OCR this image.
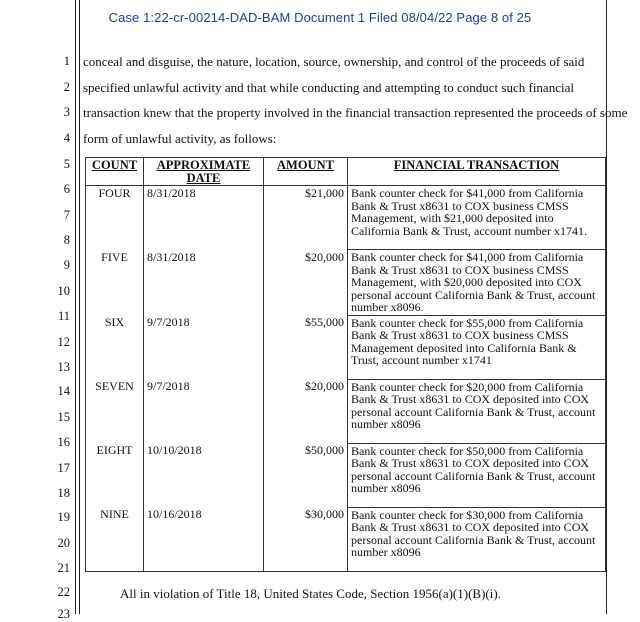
Case 1:22-cr-00214-DAD-BAM Document 1 Filed 08/04/22 Page 8 of 25
1
2
3
4
5
6
7
8
9
10
11
12
13
14
15
16
17
18
19
20
21
22
23
conceal and disguise, the nature, location, source, ownership, and control of the proceeds of said
specified unlawful activity and that while conducting and attempting to conduct such financial
transaction knew that the property involved in the financial transaction represented the proceeds of some
form of unlawful activity, as follows:
COUNT	APPROXIMATE DATE	AMOUNT	FINANCIAL TRANSACTION
FOUR	8/31/2018	$21,000	Bank counter check for $41,000 from California Bank & Trust x8631 to COX business CMSS Management, with $21,000 deposited into California Bank & Trust, account number x1741.
FIVE	8/31/2018	$20,000	Bank counter check for $41,000 from California Bank & Trust x8631 to COX business CMSS Management, with $20,000 deposited into COX personal account California Bank & Trust, account number x8096.
SIX	9/7/2018	$55,000	Bank counter check for $55,000 from California Bank & Trust x8631 to COX business CMSS Management deposited into California Bank & Trust, account number x1741
SEVEN	9/7/2018	$20,000	Bank counter check for $20,000 from California Bank & Trust x8631 to COX deposited into COX personal account California Bank & Trust, account number x8096
EIGHT	10/10/2018	$50,000	Bank counter check for $50,000 from California Bank & Trust x8631 to COX deposited into COX personal account California Bank & Trust, account number x8096
NINE	10/16/2018	$30,000	Bank counter check for $30,000 from California Bank & Trust x8631 to COX deposited into COX personal account California Bank & Trust, account number x8096
All in violation of Title 18, United States Code, Section 1956(a)(1)(B)(i).
